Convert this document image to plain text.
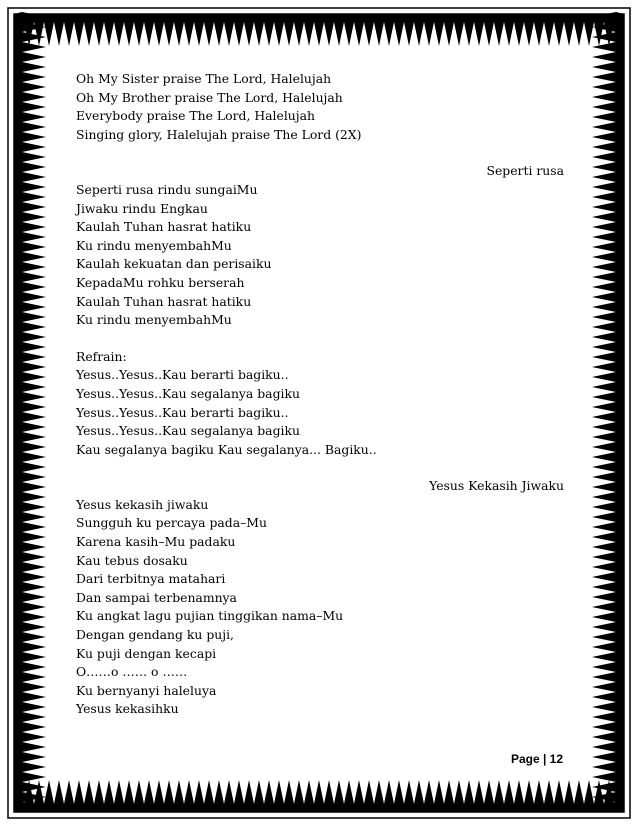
Oh My Sister praise The Lord, Halelujah
Oh My Brother praise The Lord, Halelujah
Everybody praise The Lord, Halelujah
Singing glory, Halelujah praise The Lord (2X)
Seperti rusa
Seperti rusa rindu sungaiMu
Jiwaku rindu Engkau
Kaulah Tuhan hasrat hatiku
Ku rindu menyembahMu
Kaulah kekuatan dan perisaiku
KepadaMu rohku berserah
Kaulah Tuhan hasrat hatiku
Ku rindu menyembahMu
Refrain:
Yesus..Yesus..Kau berarti bagiku..
Yesus..Yesus..Kau segalanya bagiku
Yesus..Yesus..Kau berarti bagiku..
Yesus..Yesus..Kau segalanya bagiku
Kau segalanya bagiku Kau segalanya... Bagiku..
Yesus Kekasih Jiwaku
Yesus kekasih jiwaku
Sungguh ku percaya pada–Mu
Karena kasih–Mu padaku
Kau tebus dosaku
Dari terbitnya matahari
Dan sampai terbenamnya
Ku angkat lagu pujian tinggikan nama–Mu
Dengan gendang ku puji,
Ku puji dengan kecapi
O……o …… o ……
Ku bernyanyi haleluya
Yesus kekasihku
Page | 12
